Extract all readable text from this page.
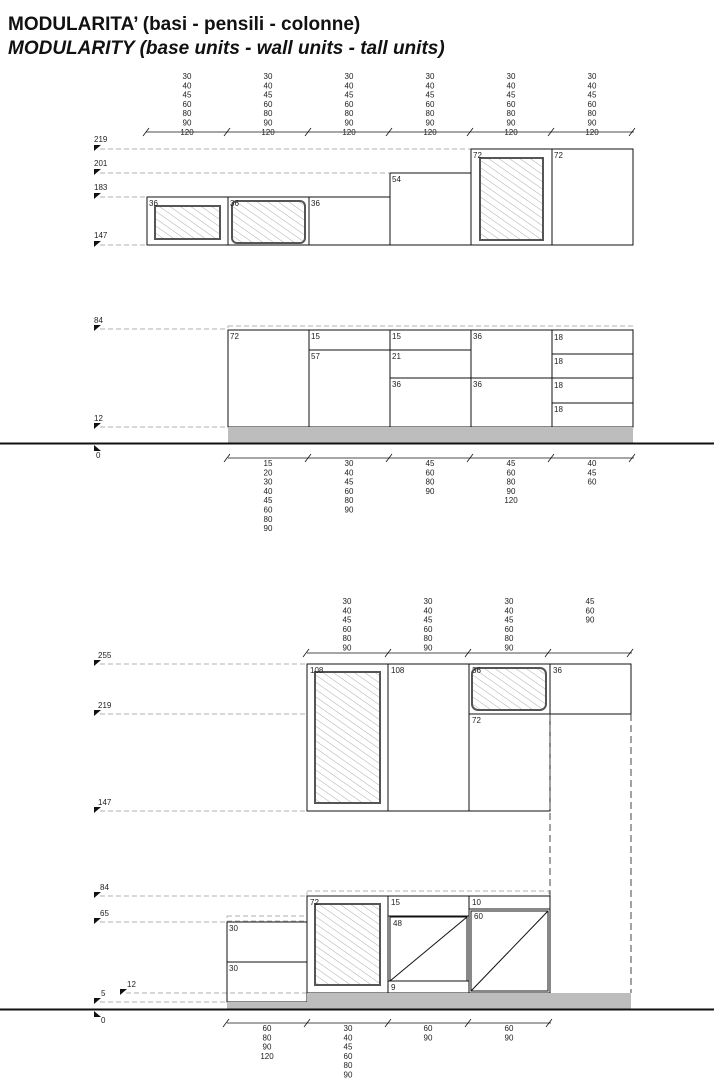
MODULARITA’ (basi - pensili - colonne)
MODULARITY (base units - wall units - tall units)
219
201
183
147
84
12
0
36	36	36
54
72	72
72	15
57
15
21
36
36
36
18
18
18
18
30
40
45
60
80
90
120
30
40
45
60
80
90
120
30
40
45
60
80
90
120
30
40
45
60
80
90
120
30
40
45
60
80
90
120
30
40
45
60
80
90
120
15
20
30
40
45
60
80
90
30
40
45
60
80
90
45
60
80
90
45
60
80
90
120
40
45
60
255
219
147
84
65
12
5
0
108	108	36	36
72
30
30
72	15
48
9
10
60
30
40
45
60
80
90
30
40
45
60
80
90
30
40
45
60
80
90
45
60
90
60
80
90
120
30
40
45
60
80
90
60
90
60
90
